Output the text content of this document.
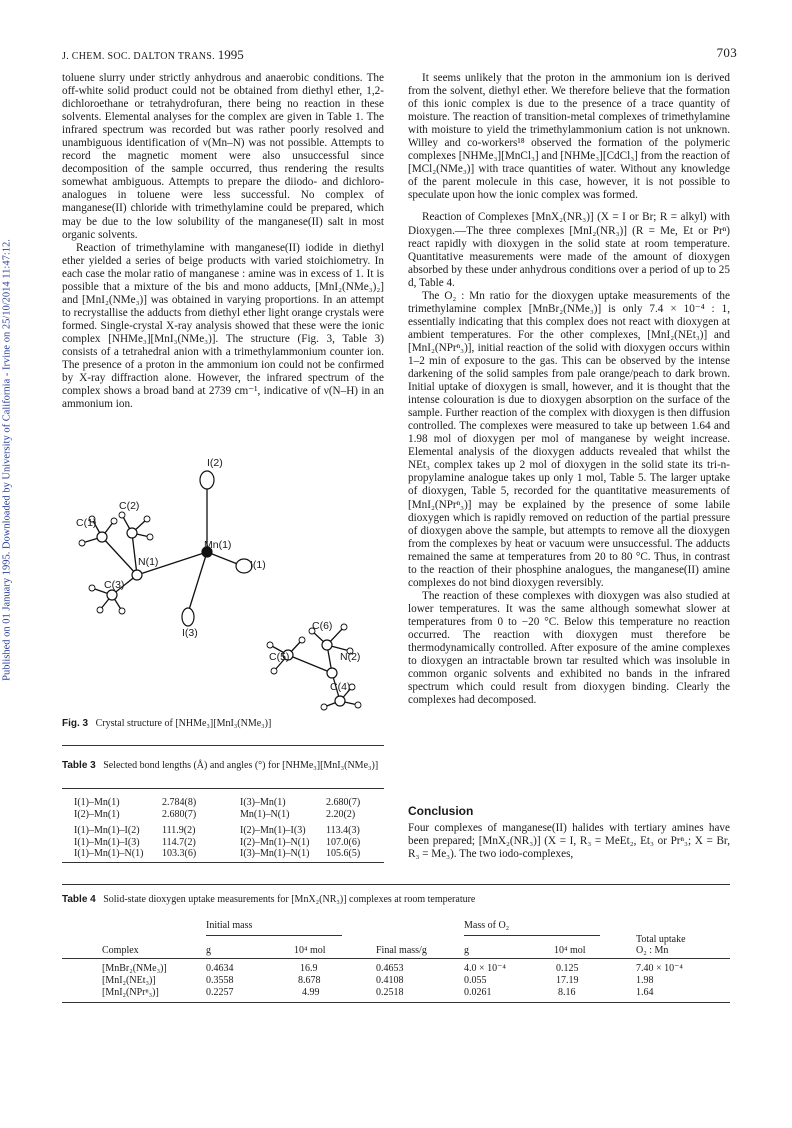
J. CHEM. SOC. DALTON TRANS. 1995	703
Published on 01 January 1995. Downloaded by University of California - Irvine on 25/10/2014 11:47:12.

toluene slurry under strictly anhydrous and anaerobic conditions. The off-white solid product could not be obtained from diethyl ether, 1,2-dichloroethane or tetrahydrofuran, there being no reaction in these solvents. Elemental analyses for the complex are given in Table 1. The infrared spectrum was recorded but was rather poorly resolved and unambiguous identification of ν(Mn–N) was not possible. Attempts to record the magnetic moment were also unsuccessful since decomposition of the sample occurred, thus rendering the results somewhat ambiguous. Attempts to prepare the diiodo- and dichloro-analogues in toluene were less successful. No complex of manganese(II) chloride with trimethylamine could be prepared, which may be due to the low solubility of the manganese(II) salt in most organic solvents.

Reaction of trimethylamine with manganese(II) iodide in diethyl ether yielded a series of beige products with varied stoichiometry. In each case the molar ratio of manganese : amine was in excess of 1. It is possible that a mixture of the bis and mono adducts, [MnI₂(NMe₃)₂] and [MnI₂(NMe₃)] was obtained in varying proportions. In an attempt to recrystallise the adducts from diethyl ether light orange crystals were formed. Single-crystal X-ray analysis showed that these were the ionic complex [NHMe₃][MnI₃(NMe₃)]. The structure (Fig. 3, Table 3) consists of a tetrahedral anion with a trimethylammonium counter ion. The presence of a proton in the ammonium ion could not be confirmed by X-ray diffraction alone. However, the infrared spectrum of the complex shows a broad band at 2739 cm⁻¹, indicative of ν(N–H) in an ammonium ion.

I(2)
C(2)
C(1)
Mn(1)
N(1)	I(1)
C(3)
C(6)
I(3)
C(5)	N(2)
C(4)
Fig. 3 Crystal structure of [NHMe₃][MnI₃(NMe₃)]
Table 3 Selected bond lengths (Å) and angles (°) for [NHMe₃][MnI₃(NMe₃)]
I(1)–Mn(1)	2.784(8)	I(3)–Mn(1)	2.680(7)
I(2)–Mn(1)	2.680(7)	Mn(1)–N(1)	2.20(2)
I(1)–Mn(1)–I(2) 111.9(2)	I(2)–Mn(1)–I(3) 113.4(3)
I(1)–Mn(1)–I(3) 114.7(2)	I(2)–Mn(1)–N(1) 107.0(6)
I(1)–Mn(1)–N(1) 103.3(6)	I(3)–Mn(1)–N(1) 105.6(5)

It seems unlikely that the proton in the ammonium ion is derived from the solvent, diethyl ether. We therefore believe that the formation of this ionic complex is due to the presence of a trace quantity of moisture. The reaction of transition-metal complexes of trimethylamine with moisture to yield the trimethylammonium cation is not unknown. Willey and co-workers¹⁸ observed the formation of the polymeric complexes [NHMe₃][MnCl₃] and [NHMe₃][CdCl₃] from the reaction of [MCl₂(NMe₃)] with trace quantities of water. Without any knowledge of the parent molecule in this case, however, it is not possible to speculate upon how the ionic complex was formed.

Reaction of Complexes [MnX₂(NR₃)] (X = I or Br; R = alkyl) with Dioxygen.—The three complexes [MnI₂(NR₃)] (R = Me, Et or Prⁿ) react rapidly with dioxygen in the solid state at room temperature. Quantitative measurements were made of the amount of dioxygen absorbed by these under anhydrous conditions over a period of up to 25 d, Table 4.

The O₂ : Mn ratio for the dioxygen uptake measurements of the trimethylamine complex [MnBr₂(NMe₃)] is only 7.4 × 10⁻⁴ : 1, essentially indicating that this complex does not react with dioxygen at ambient temperatures. For the other complexes, [MnI₂(NEt₃)] and [MnI₂(NPrⁿ₃)], initial reaction of the solid with dioxygen occurs within 1–2 min of exposure to the gas. This can be observed by the intense darkening of the solid samples from pale orange/peach to dark brown. Initial uptake of dioxygen is small, however, and it is thought that the intense colouration is due to dioxygen absorption on the surface of the sample. Further reaction of the complex with dioxygen is then diffusion controlled. The complexes were measured to take up between 1.64 and 1.98 mol of dioxygen per mol of manganese by weight increase. Elemental analysis of the dioxygen adducts revealed that whilst the NEt₃ complex takes up 2 mol of dioxygen in the solid state its tri-n-propylamine analogue takes up only 1 mol, Table 5. The larger uptake of dioxygen, Table 5, recorded for the quantitative measurements of [MnI₂(NPrⁿ₃)] may be explained by the presence of some labile dioxygen which is rapidly removed on reduction of the partial pressure of dioxygen above the sample, but attempts to remove all the dioxygen from the complexes by heat or vacuum were unsuccessful. The adducts remained the same at temperatures from 20 to 80 °C. Thus, in contrast to the reaction of their phosphine analogues, the manganese(II) amine complexes do not bind dioxygen reversibly.

The reaction of these complexes with dioxygen was also studied at lower temperatures. It was the same although somewhat slower at temperatures from 0 to −20 °C. Below this temperature no reaction occurred. The reaction with dioxygen must therefore be thermodynamically controlled. After exposure of the amine complexes to dioxygen an intractable brown tar resulted which was insoluble in common organic solvents and exhibited no bands in the infrared spectrum which could result from dioxygen binding. Clearly the complexes had decomposed.

Conclusion
Four complexes of manganese(II) halides with tertiary amines have been prepared; [MnX₂(NR₃)] (X = I, R₃ = MeEt₂, Et₃ or Prⁿ₃; X = Br, R₃ = Me₃). The two iodo-complexes,
Table 4 Solid-state dioxygen uptake measurements for [MnX₂(NR₃)] complexes at room temperature
Initial mass	Mass of O₂
Total uptake
Complex	g	10⁴ mol	Final mass/g	g	10⁴ mol	O₂ : Mn
[MnBr₂(NMe₃)]	0.4634	16.9	0.4653	4.0 × 10⁻⁴	0.125	7.40 × 10⁻⁴
[MnI₂(NEt₃)]	0.3558	8.678	0.4108	0.055	17.19	1.98
[MnI₂(NPrⁿ₃)]	0.2257	4.99	0.2518	0.0261	8.16	1.64
